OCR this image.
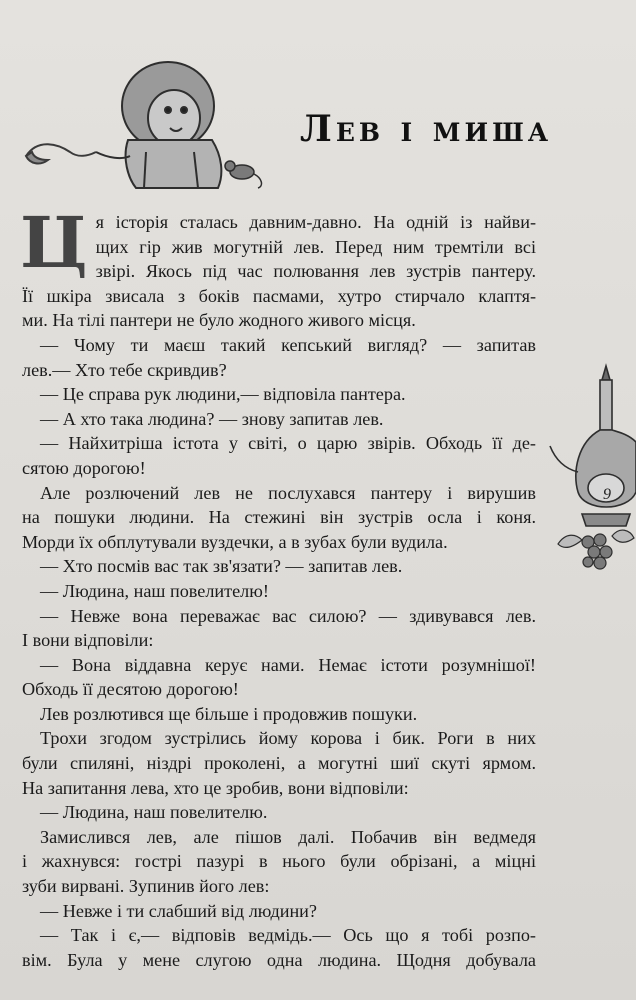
Лев і миша

Ця історія сталась давним-давно. На одній із найви-

щих гір жив могутній лев. Перед ним тремтіли всі

звірі. Якось під час полювання лев зустрів пантеру.

Її шкіра звисала з боків пасмами, хутро стирчало клаптя-

ми. На тілі пантери не було жодного живого місця.

— Чому ти маєш такий кепський вигляд? — запитав

лев.— Хто тебе скривдив?

— Це справа рук людини,— відповіла пантера.

— А хто така людина? — знову запитав лев.

— Найхитріша істота у світі, о царю звірів. Обходь її де-

сятою дорогою!

Але розлючений лев не послухався пантеру і вирушив

на пошуки людини. На стежині він зустрів осла і коня.

Морди їх обплутували вуздечки, а в зубах були вудила.

— Хто посмів вас так зв'язати? — запитав лев.

— Людина, наш повелителю!

— Невже вона переважає вас силою? — здивувався лев.

І вони відповіли:

— Вона віддавна керує нами. Немає істоти розумнішої!

Обходь її десятою дорогою!

Лев розлютився ще більше і продовжив пошуки.

Трохи згодом зустрілись йому корова і бик. Роги в них

були спиляні, ніздрі проколені, а могутні шиї скуті ярмом.

На запитання лева, хто це зробив, вони відповіли:

— Людина, наш повелителю.

Замислився лев, але пішов далі. Побачив він ведмедя

і жахнувся: гострі пазурі в нього були обрізані, а міцні

зуби вирвані. Зупинив його лев:

— Невже і ти слабший від людини?

— Так і є,— відповів ведмідь.— Ось що я тобі розпо-

вім. Була у мене слугою одна людина. Щодня добувала

9
